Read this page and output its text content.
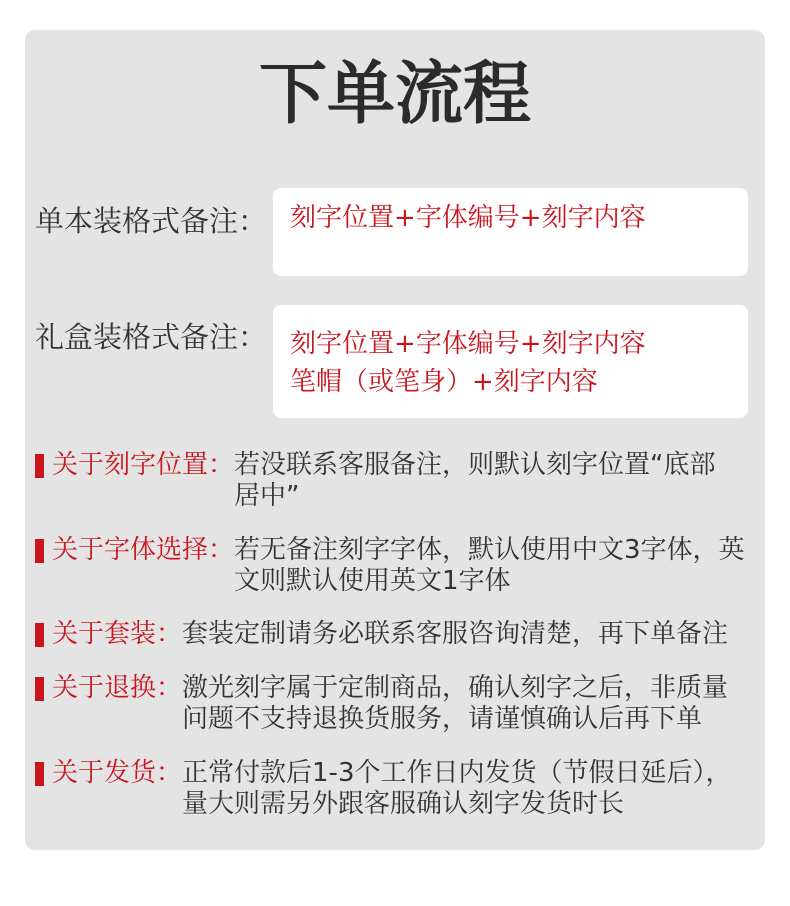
下单流程
单本装格式备注： 刻字位置+字体编号+刻字内容
礼盒装格式备注： 刻字位置+字体编号+刻字内容
笔帽（或笔身）+刻字内容
关于刻字位置： 若没联系客服备注，则默认刻字位置“底部
居中”
关于字体选择： 若无备注刻字字体，默认使用中文3字体，英
文则默认使用英文1字体
关于套装： 套装定制请务必联系客服咨询清楚，再下单备注
关于退换： 激光刻字属于定制商品，确认刻字之后，非质量
问题不支持退换货服务，请谨慎确认后再下单
关于发货： 正常付款后1-3个工作日内发货（节假日延后），
量大则需另外跟客服确认刻字发货时长
